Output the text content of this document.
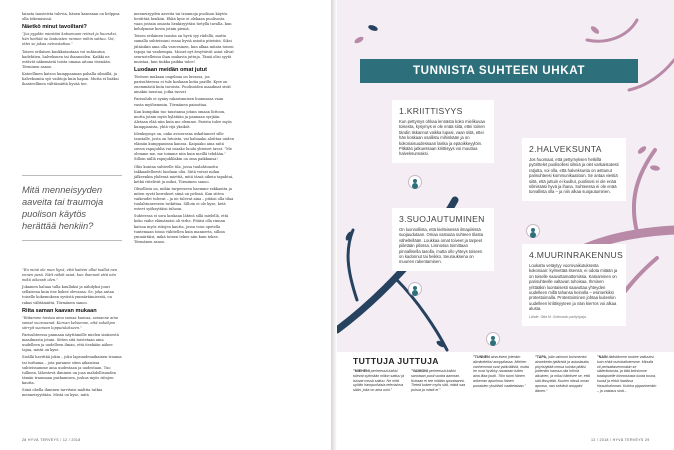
lainsta tausteista tulevia, hänen kanssaan on helppoa olla tekemisissä.

Näetkö minut tavoiltani?

”Jos pyydän miestäni katsomaan reitset ja huoruksi, hän heittää ne laatuisten rannen mihin sattuu. Voi, ettei se jakaa neivostattaa.”

Toisen erilaisen kuokkatautaan voi suhtautua kadehtien, halveksuen tai ihannoiden. Kaikki ne estävät näkemästä toista omana aitona itsenään. Törminen sanoo.

Kateellinen katsoo kumppaniaan pahalla silmällä, ja halveksunta syö vaihtoja kuin hapon. Mutta ei lisäksi ihanteellinen välttämättä hyvää tee.

Mitä menneisyyden aaveita tai traumoja puolison käytös herättää henkiin?

”En minä ole mun hyvä, että kaiteni ollut tsallat nen ennen pesä. Nätt näköt asiat, kun ihannoit että nän mikä oikeasti olen.”

Jokainen haluaa tulla kuulluksi ja nähdyksi juuri sellaisena kuin itse kokee olevansa. Se, joka antaa toiselle kokemuksen syvästä ymmärtämisestä, on rakas välttämättä, Törmänen sanoo.

Riita saman kaavan mukaan

”Riitamme toistaa aina samaa kaavaa, samanne aina samat vuorosanat. Korvan kelsienne, että sukohjan siirryit suoraan lopputulokseen.”

Parisuhteessa pannaan näyttämölle mielen sisäisestä maailmasta jotain. Sitten sitä toistetaan aina uudelleen ja uudelleen ilman, että itsekään näkee tajua, mistä on kyse.

Sisällä havittää jokin – joku lapsuudenaikainen trauma tai turhuma – jota paranne siten aikaisissa suhteissamme aina uudestaan ja uudestaan. Tuo tullinen, lähestevä ihminen on joaa mahdollisuuden tämän traumaan purkamisen, joskus myös riitojen kautta.

Siinä ohella ihminen tarvitsisi malttia tutkia menneisyyttään. Mistä on kyse, mitä

menneisyyden aaveita tai traumoja puolison käytös herättää henkiin. Ehkä kyse ei olekaan puolisosta vaan jostain omasta henkisyyttäsi tietyllä tavalla. kun kehdymme kovin jotain pieniä.

Toisen erilainen taustia on hyvä syy riidellä, mutta samalla suhteissani ossaa hyviä asioita piteisiin. Siksi jätäisikin aina olla varovainen, kun alkaa mitata toisen tapoja tai vanhempia. Monet nyt ärsyttävät asiat olivat seurustelleissa ihan mukavia juttuja. Tämä olisi syytä muistaa, kun tiukka paikka tulee!

Luodaan meidän omat jutut

Törösen mukaan ongelmia on luvassa, jos parisuhteessa ei tule koskaan kotia parille. Kyse on enemmästä kuin tavoista. Puolisoiden maadmat sivät ainakin taustaa, jotka tuovat

Parisuhde ei synny rakastumisen huumassa vaan vasta myöhemmin. Törmänen painottaa.

Kun kumpikin tuo taustansa jotain omaan liittoon, mutta jotain myös hylätään ja pannaan syrjään. Aletaan elää niin kuin me olemme. Parista tulee myös kumppanista, yhtä vijä yksiköt.

Idenksymys on, onko avioerossa uskaltaneet sille taustalle, josta on lutoista, vai haluaako aloittaa uuden elämän kumppaninsa kanssa. Kaipaako aina niitä suvun rapujuhlia vai osaako luoda yhteiset tavat. ”Me olemme me, me toimme niin kuin meillä tehdään.” Silloin niillä rapujuhlilakin on oma paikkansa!

Oliis kuntaa suhteelle tila, jossa tuulahtuneita takkaadelleesti luodaan oliu. Siitä voivat nidan jälkeenkin yhdessä miettiä, mitä tässä oikein tapahtui, ketkä riitelivät ja miksi, Törmänen sanoo.

Obsellista on, mihin turpeeseen haemme rakkautta ja miten syvät kerrokset siinä on pelissä. Kun sitten vaikeudet tulevat – ja ne tulevat aina – pitäisi olla tilaa tuulahtuneeseen tutkittaa. Silloin ei ole kyse, ketä esteet syöksyttäisi tuhoon.

Suhteessa ei sora koskaan lähteä sillä mielellä, että koko vaihe elämässäsi oli virhe. Pitäisi olla rinnan katsoa myös riitojen kautta, jossa voisi opetella tuntemaan toisia vähitellen kuin mannerta, silloin ymmärtäisi, mikä toinen tekee niin kuin tekee. Törmänen sanoo.

28 HYVÄ TERVEYS / 12 / 2018
TUNNISTA SUHTEEN UHKAT
1.KRIITTISYYS

Kun pettymys ohkaa lennästa koko mielikuvaa toisesta, kysymys ei ole enää siitä, ettei toinen tändin tiskannut vaikka lupasi, vaan siitä, ettei hän koskaan osallistu mihinkään ja on kokonaisuudessaan laiska ja epäoikkeyylöin. Pitkään jatkuessaan kriittisyys voi muuttua halveksunnaksi.	2.HALVEKSUNTA

Jos huomaat, että pettymyksen hetkillä pyörittelet puolisollesi silmiä ja olet varkaistutesti ratjutta, voi olla, että halveksunta on asttunut parisuhteesi kommunikaatioon. Se antaa viestiä siitä, että juttuin ei kuullut, puolisosi ei ole enää silmissäsi hyvä ja ihana. Suhteessa ei ole enää turvallista olla – ja niin alkaa suojautuminen.

3.SUOJAUTUMINEN

On luonnollista, että kielteisessä ilmapiirissä suojaudutaan. Omaa vastuuta suhteen tilasta väheltellään. Loukkaa omat toiveet ja tarpeet piiletään pilossa. Lisinossa toimittaan pinnallisella tasolla, mutta ollo yhteys toiseen on kadonnut tai heikko. Seurauksena on muurien rakentaminen.

4.MUURINRAKENNUS

Loukattu vetäytyy vuorovaikutuksesta kokonaan: kylmettää itsensä, ei odota mitään ja on toiselle saavuttamattomissa. Katoaminen on parisuhteelle valtavan tuhoisaa. Ihminen yrittääkin luontaisesti saavuttaa yhteyden uudelleen millä tahansa keinolla – esimerkiksi protestoimalla. Protestoiminen johtaa kuitenkin uudelleen kriittisyyteen ja näin kierros voi alkaa alusta.

Lähde: Sitta M. Gottmanin parityöpaja.
TUTTUJA JUTTUJA
”MIEHENI perheessä kaikki tulevat syömään millon sattuu ja istuvat missä sattuu. Ne mitä syötiin hampurilaisia televisiova sään, joka on aina uuki.”
”VAIMONI perheessä kaikki sanotaan puoli vuotta aamnan. Kukaan ei tee mitään spontaanisi. Tieteä kokee myös sitä, mistä saa puhua ja mistä ei.”
”TUNNEN aina itseni jotenkin alimitoiteiksi anoppilassa. Miehen vanhemmat ovat ystävällisiä, mutta he ovat hyvikky naustaan tuiten aina iltaa joutti. Töin tuoni hänen ankerran apuriinsa hänen punaisien yksiöistö vaatteistaan.”
”TAPA, jolla vaimoni kommentoi ainoeketta tyttäristä ja autuslautta, pöyristyttää minua kuinka pitäisi joidenkin kanssa olla hölmä aikuinen, ja miksi häiritsee se, että sitä lässyttää. Kuulen niissä oman apunsa, nan selvästi anoppini äänen.”
”NAIN äidistämme tuokee valtuuksi kuin ehkä nuhokallotemme. Minulla oli perisaitasemmakin se siiderikutusta, ja tätä keksimme tutalapuelle kiinnostusta luoda tusna, kuusli ja ehkä haalissa hissukkahnnan. Kuinka pipparinenkin – ja vastaus sinä...
12 / 2018 / HYVÄ TERVEYS 29
